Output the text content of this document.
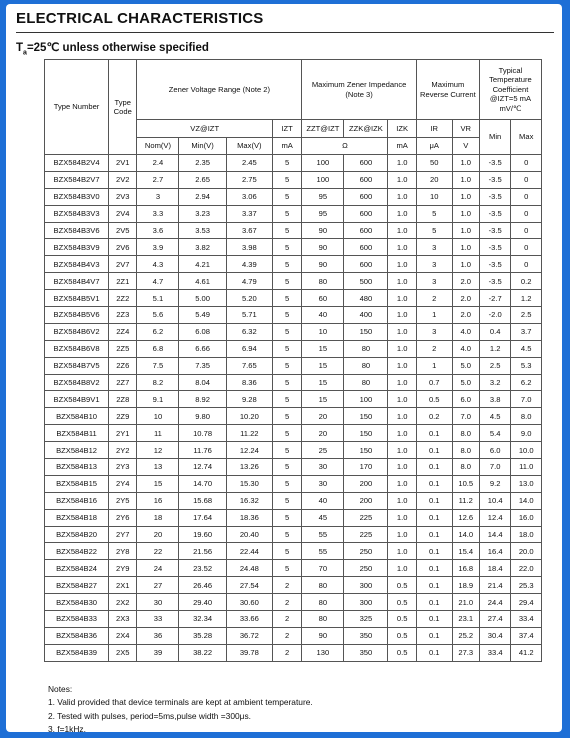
ELECTRICAL CHARACTERISTICS
$T_a=25℃$ unless otherwise specified
Type Number	Type Code	Zener Voltage Range (Note 2)				Maximum Zener Impedance (Note 3)			Maximum Reverse Current		Typical
Temperature
Coefficient
@IZT=5 mA
mV/℃	

		VZ@IZT			IZT	ZZT@IZT	ZZK@IZK	IZK	IR	VR	Min	Max
		Nom(V)	Min(V)	Max(V)	mA	Ω		mA	μA	V		
BZX584B2V4	2V1	2.4	2.35	2.45	5	100	600	1.0	50	1.0	-3.5	0
BZX584B2V7	2V2	2.7	2.65	2.75	5	100	600	1.0	20	1.0	-3.5	0
BZX584B3V0	2V3	3	2.94	3.06	5	95	600	1.0	10	1.0	-3.5	0
BZX584B3V3	2V4	3.3	3.23	3.37	5	95	600	1.0	5	1.0	-3.5	0
BZX584B3V6	2V5	3.6	3.53	3.67	5	90	600	1.0	5	1.0	-3.5	0
BZX584B3V9	2V6	3.9	3.82	3.98	5	90	600	1.0	3	1.0	-3.5	0
BZX584B4V3	2V7	4.3	4.21	4.39	5	90	600	1.0	3	1.0	-3.5	0
BZX584B4V7	2Z1	4.7	4.61	4.79	5	80	500	1.0	3	2.0	-3.5	0.2
BZX584B5V1	2Z2	5.1	5.00	5.20	5	60	480	1.0	2	2.0	-2.7	1.2
BZX584B5V6	2Z3	5.6	5.49	5.71	5	40	400	1.0	1	2.0	-2.0	2.5
BZX584B6V2	2Z4	6.2	6.08	6.32	5	10	150	1.0	3	4.0	0.4	3.7
BZX584B6V8	2Z5	6.8	6.66	6.94	5	15	80	1.0	2	4.0	1.2	4.5
BZX584B7V5	2Z6	7.5	7.35	7.65	5	15	80	1.0	1	5.0	2.5	5.3
BZX584B8V2	2Z7	8.2	8.04	8.36	5	15	80	1.0	0.7	5.0	3.2	6.2
BZX584B9V1	2Z8	9.1	8.92	9.28	5	15	100	1.0	0.5	6.0	3.8	7.0
BZX584B10	2Z9	10	9.80	10.20	5	20	150	1.0	0.2	7.0	4.5	8.0
BZX584B11	2Y1	11	10.78	11.22	5	20	150	1.0	0.1	8.0	5.4	9.0
BZX584B12	2Y2	12	11.76	12.24	5	25	150	1.0	0.1	8.0	6.0	10.0
BZX584B13	2Y3	13	12.74	13.26	5	30	170	1.0	0.1	8.0	7.0	11.0
BZX584B15	2Y4	15	14.70	15.30	5	30	200	1.0	0.1	10.5	9.2	13.0
BZX584B16	2Y5	16	15.68	16.32	5	40	200	1.0	0.1	11.2	10.4	14.0
BZX584B18	2Y6	18	17.64	18.36	5	45	225	1.0	0.1	12.6	12.4	16.0
BZX584B20	2Y7	20	19.60	20.40	5	55	225	1.0	0.1	14.0	14.4	18.0
BZX584B22	2Y8	22	21.56	22.44	5	55	250	1.0	0.1	15.4	16.4	20.0
BZX584B24	2Y9	24	23.52	24.48	5	70	250	1.0	0.1	16.8	18.4	22.0
BZX584B27	2X1	27	26.46	27.54	2	80	300	0.5	0.1	18.9	21.4	25.3
BZX584B30	2X2	30	29.40	30.60	2	80	300	0.5	0.1	21.0	24.4	29.4
BZX584B33	2X3	33	32.34	33.66	2	80	325	0.5	0.1	23.1	27.4	33.4
BZX584B36	2X4	36	35.28	36.72	2	90	350	0.5	0.1	25.2	30.4	37.4
BZX584B39	2X5	39	38.22	39.78	2	130	350	0.5	0.1	27.3	33.4	41.2
Notes:
1. Valid provided that device terminals are kept at ambient temperature.
2. Tested with pulses, period=5ms,pulse width =300μs.
3. f=1kHz.
